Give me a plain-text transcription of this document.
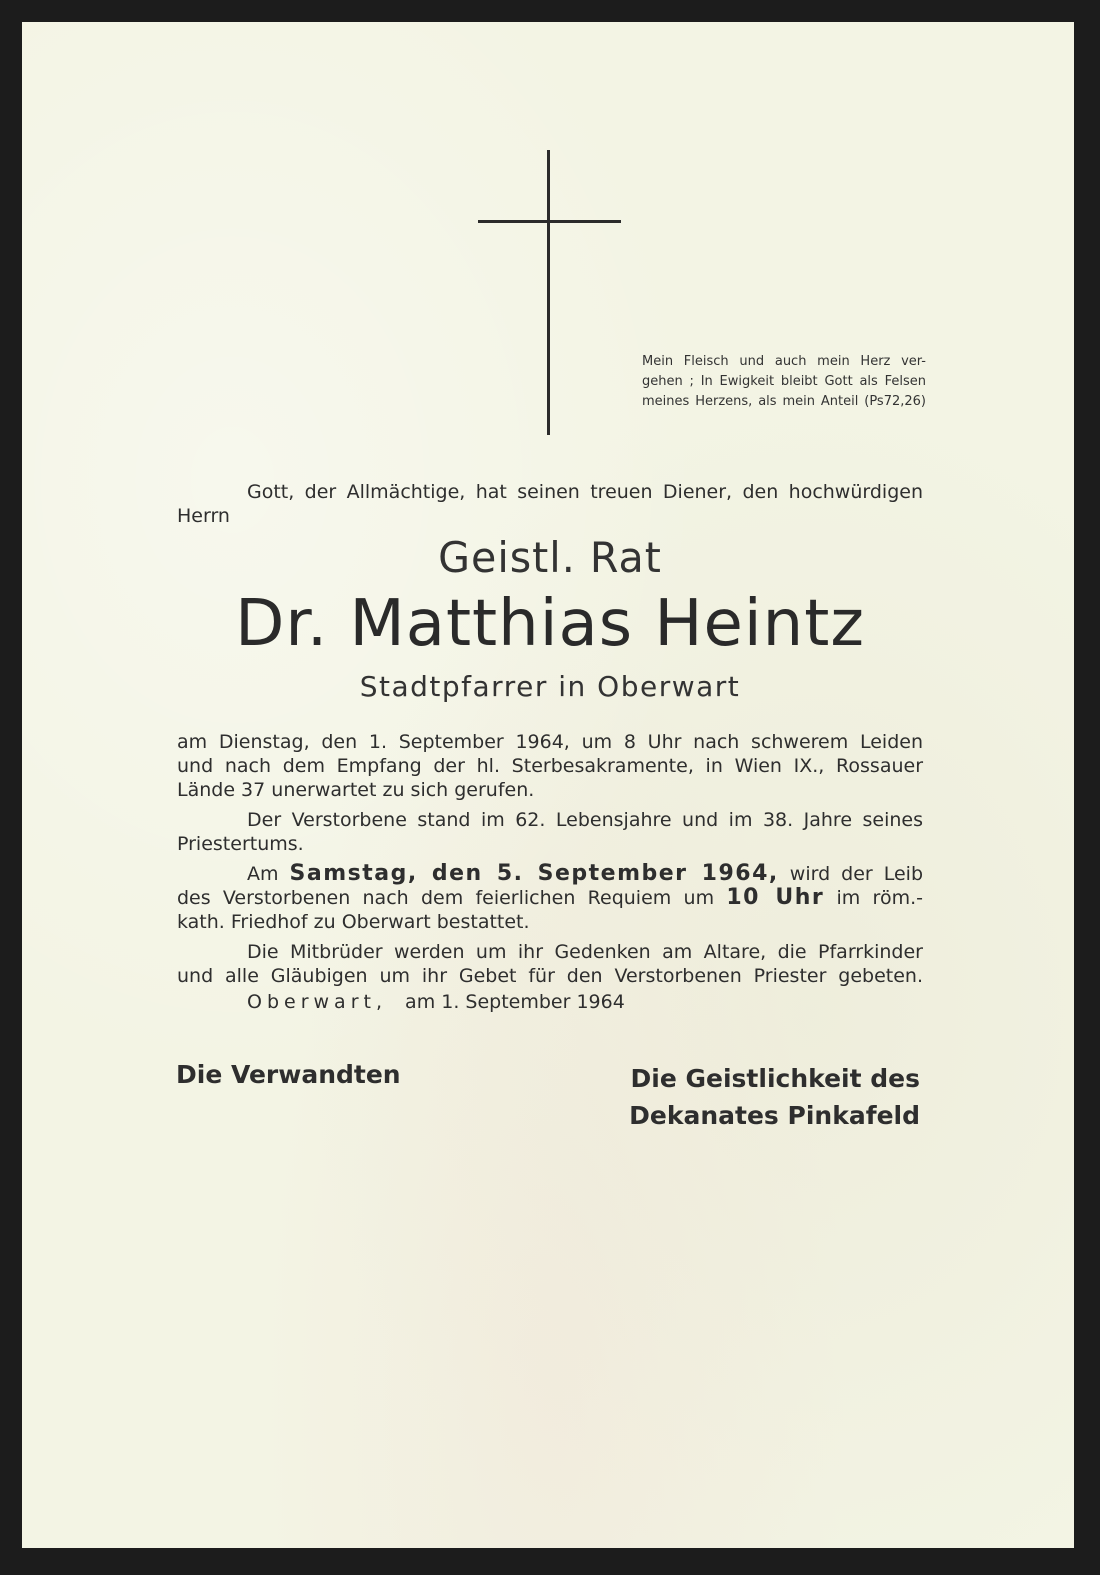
Mein Fleisch und auch mein Herz ver-
gehen ; In Ewigkeit bleibt Gott als Felsen
meines Herzens, als mein Anteil (Ps72,26)
Gott, der Allmächtige, hat seinen treuen Diener, den hochwürdigen
Herrn
Geistl. Rat
Dr. Matthias Heintz
Stadtpfarrer in Oberwart
am Dienstag, den 1. September 1964, um 8 Uhr nach schwerem Leiden
und nach dem Empfang der hl. Sterbesakramente, in Wien IX., Rossauer
Lände 37 unerwartet zu sich gerufen.
Der Verstorbene stand im 62. Lebensjahre und im 38. Jahre seines
Priestertums.
Am Samstag, den 5. September 1964, wird der Leib
des Verstorbenen nach dem feierlichen Requiem um 10 Uhr im röm.-
kath. Friedhof zu Oberwart bestattet.
Die Mitbrüder werden um ihr Gedenken am Altare, die Pfarrkinder
und alle Gläubigen um ihr Gebet für den Verstorbenen Priester gebeten.
Oberwart, am 1. September 1964
Die Verwandten	Die Geistlichkeit des
Dekanates Pinkafeld
